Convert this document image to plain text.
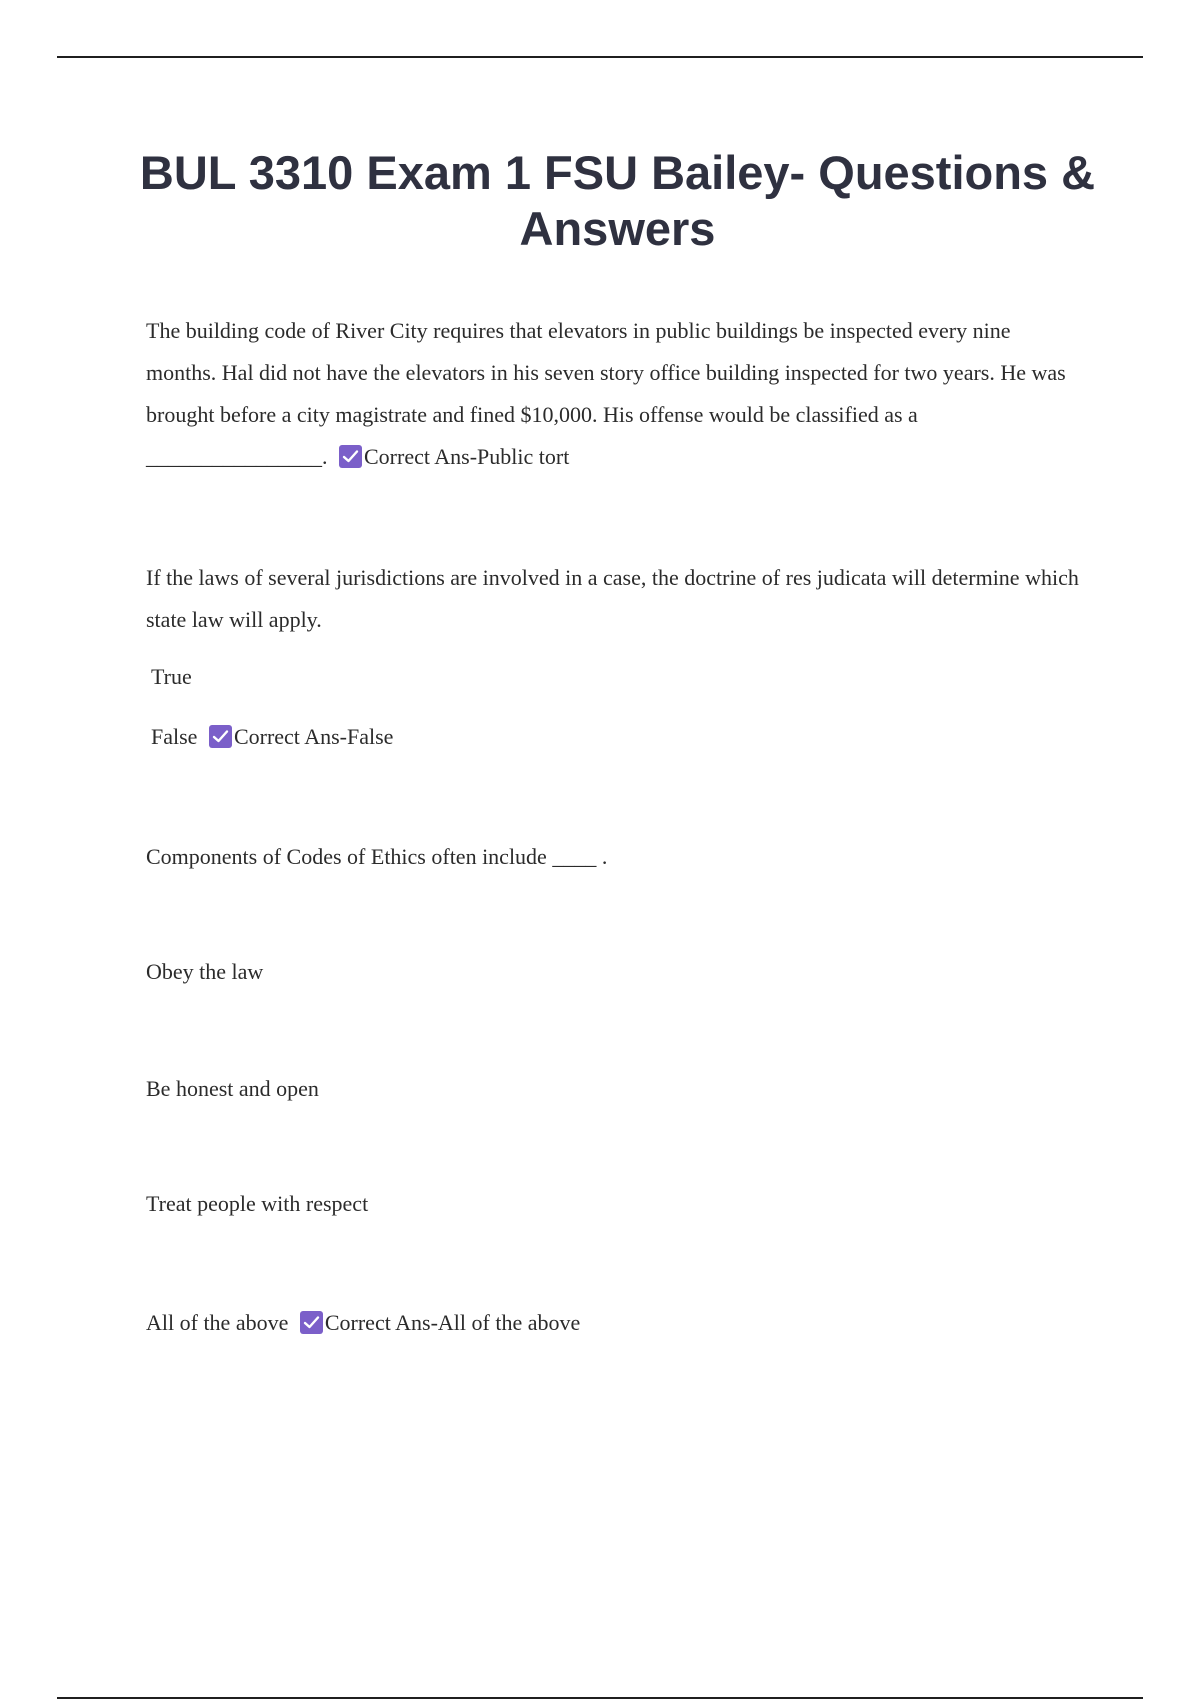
BUL 3310 Exam 1 FSU Bailey- Questions & Answers

The building code of River City requires that elevators in public buildings be inspected every nine months. Hal did not have the elevators in his seven story office building inspected for two years. He was brought before a city magistrate and fined $10,000. His offense would be classified as a ________________. Correct Ans-Public tort

If the laws of several jurisdictions are involved in a case, the doctrine of res judicata will determine which state law will apply.

True
False Correct Ans-False
Components of Codes of Ethics often include ____ .
Obey the law
Be honest and open
Treat people with respect
All of the above Correct Ans-All of the above
